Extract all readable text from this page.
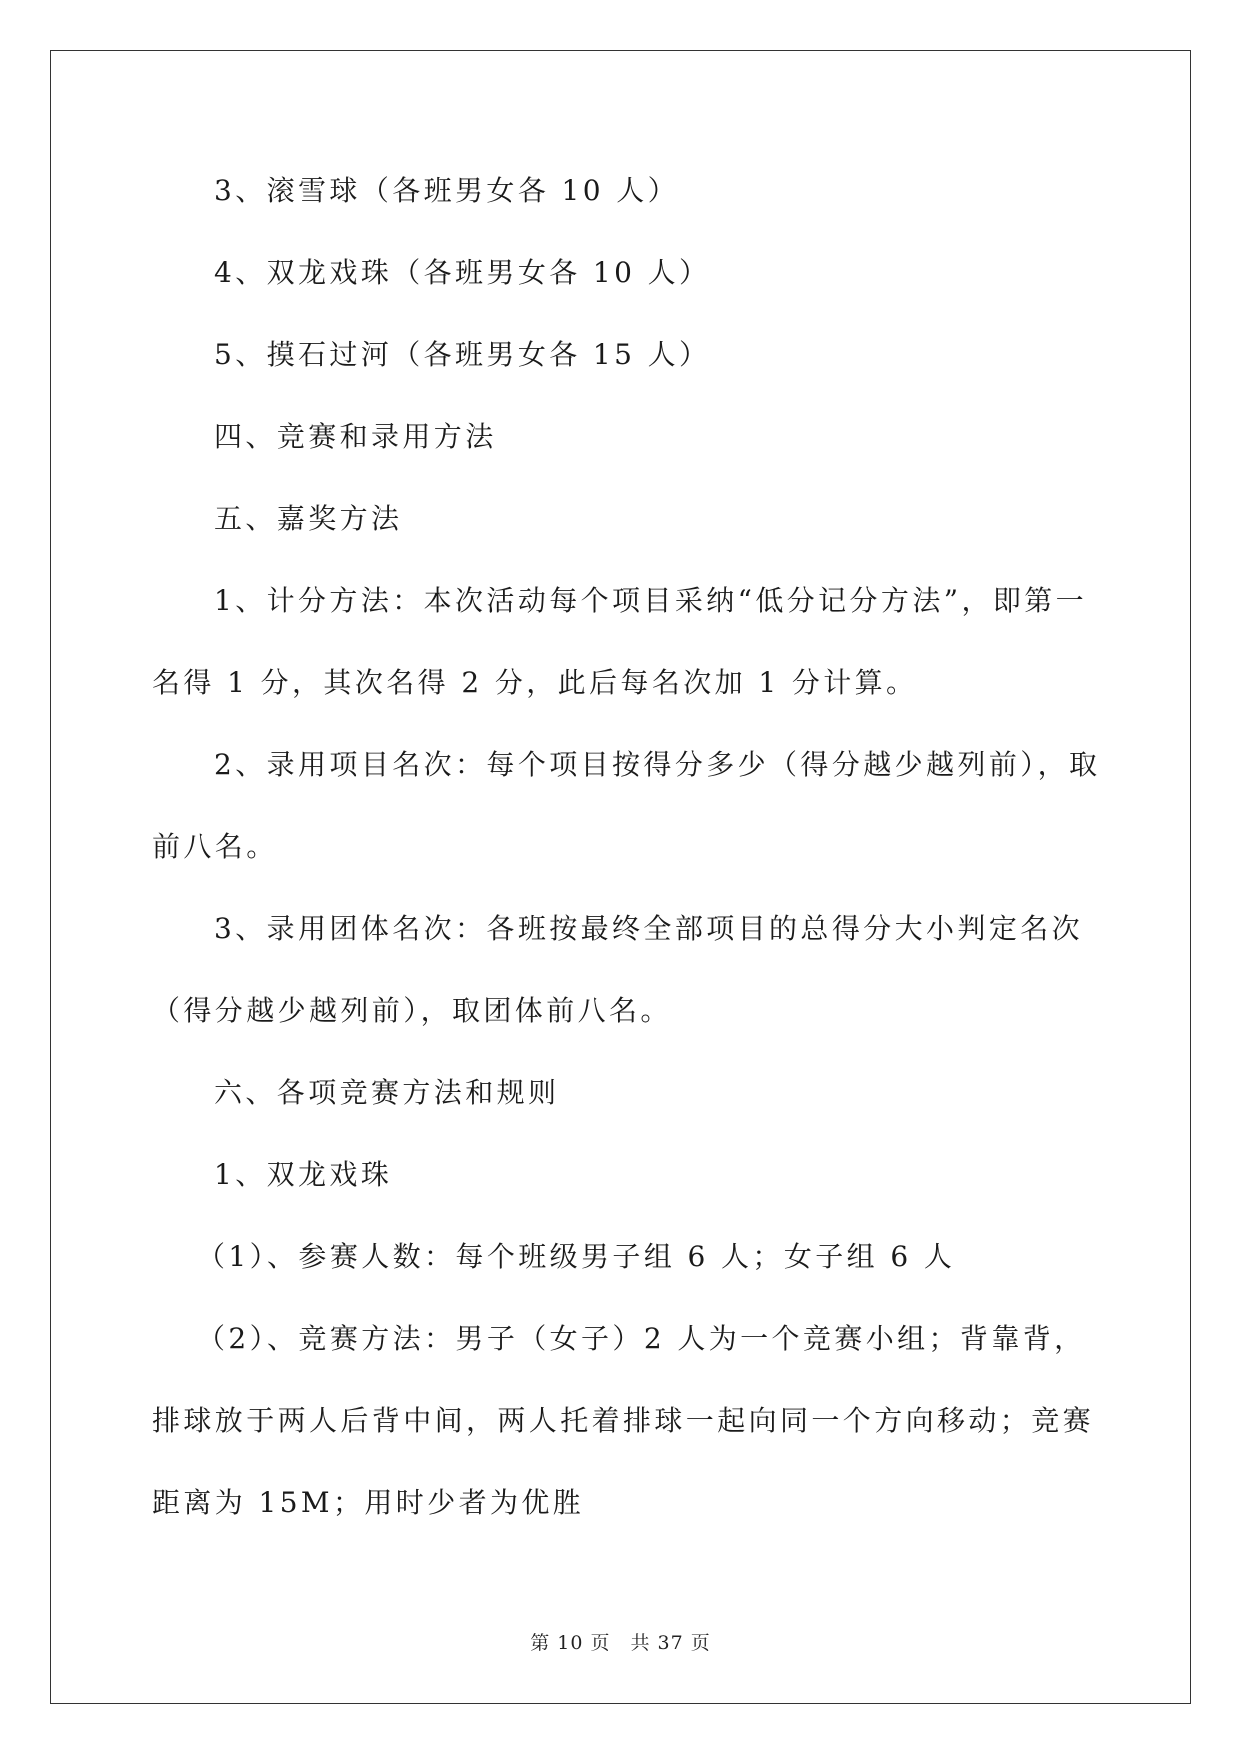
3、滚雪球（各班男女各 10 人）

4、双龙戏珠（各班男女各 10 人）

5、摸石过河（各班男女各 15 人）

四、竞赛和录用方法

五、嘉奖方法

1、计分方法：本次活动每个项目采纳“低分记分方法”，即第一

名得 1 分，其次名得 2 分，此后每名次加 1 分计算。

2、录用项目名次：每个项目按得分多少（得分越少越列前），取

前八名。

3、录用团体名次：各班按最终全部项目的总得分大小判定名次

（得分越少越列前），取团体前八名。

六、各项竞赛方法和规则

1、双龙戏珠

（1）、参赛人数：每个班级男子组 6 人；女子组 6 人

（2）、竞赛方法：男子（女子）2 人为一个竞赛小组；背靠背，

排球放于两人后背中间，两人托着排球一起向同一个方向移动；竞赛

距离为 15M；用时少者为优胜

第 10 页 共 37 页
